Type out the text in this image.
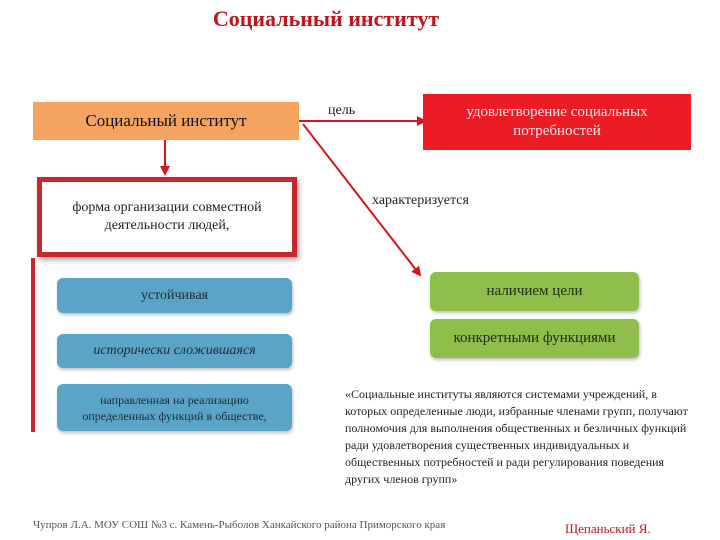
Социальный институт
Социальный институт
цель	удовлетворение социальных потребностей
характеризуется
форма организации совместной деятельности людей,
устойчивая
исторически сложившаяся
направленная на реализацию определенных функций в обществе,
наличием цели
конкретными функциями
«Социальные институты являются системами учреждений, в которых определенные люди, избранные членами групп, получают полномочия для выполнения общественных и безличных функций ради удовлетворения существенных индивидуальных и общественных потребностей и ради регулирования поведения других членов групп»
Чупров Л.А. МОУ СОШ №3 с. Камень-Рыболов Ханкайского района Приморского края	Щепаньский Я.
